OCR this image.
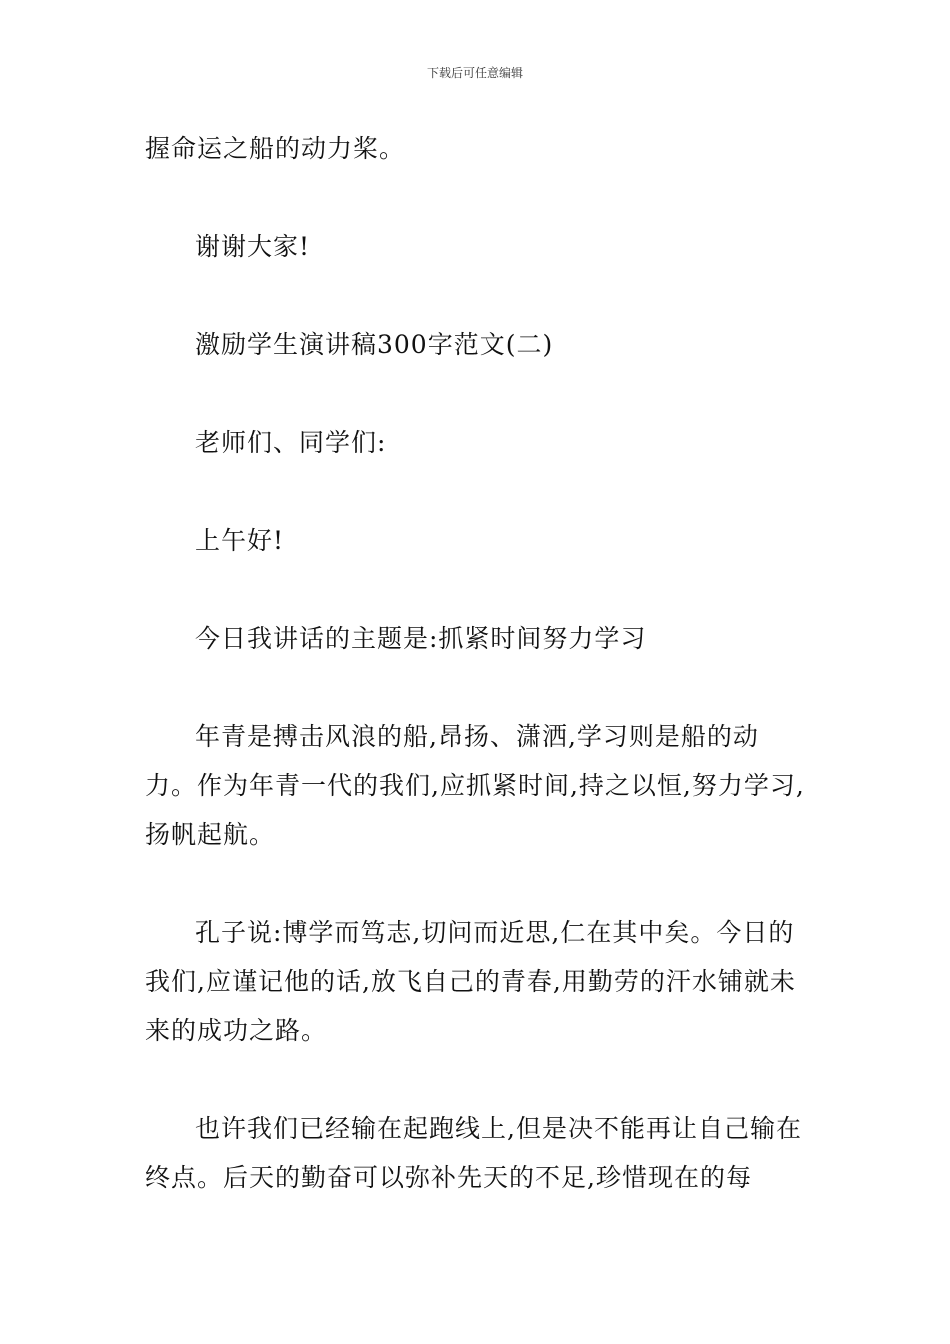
下载后可任意编辑

握命运之船的动力桨。

谢谢大家!

激励学生演讲稿300字范文(二)

老师们、同学们:

上午好!

今日我讲话的主题是:抓紧时间努力学习

年青是搏击风浪的船,昂扬、潇洒,学习则是船的动力。作为年青一代的我们,应抓紧时间,持之以恒,努力学习,扬帆起航。

孔子说:博学而笃志,切问而近思,仁在其中矣。今日的我们,应谨记他的话,放飞自己的青春,用勤劳的汗水铺就未来的成功之路。

也许我们已经输在起跑线上,但是决不能再让自己输在终点。后天的勤奋可以弥补先天的不足,珍惜现在的每
